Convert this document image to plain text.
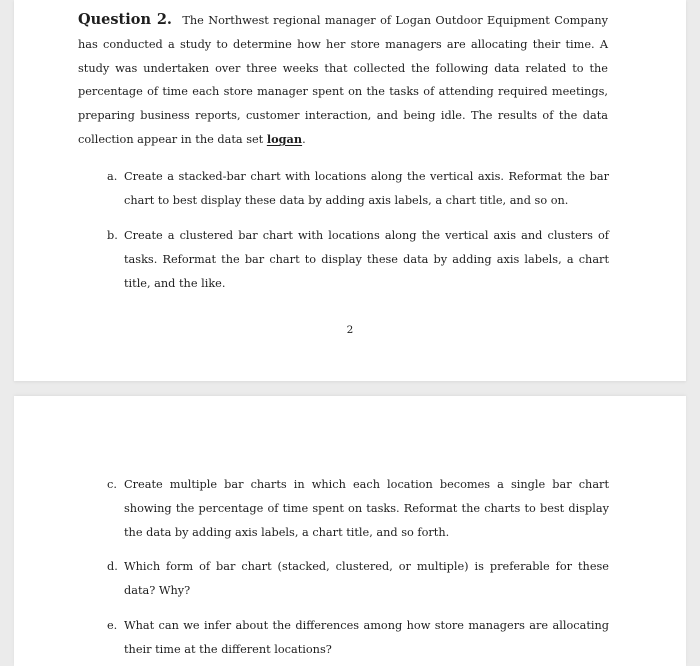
Question 2. The Northwest regional manager of Logan Outdoor Equipment Company has conducted a study to determine how her store managers are allocating their time. A study was undertaken over three weeks that collected the following data related to the percentage of time each store manager spent on the tasks of attending required meetings, preparing business reports, customer interaction, and being idle. The results of the data collection appear in the data set logan.

a. Create a stacked-bar chart with locations along the vertical axis. Reformat the bar chart to best display these data by adding axis labels, a chart title, and so on.
b. Create a clustered bar chart with locations along the vertical axis and clusters of tasks. Reformat the bar chart to display these data by adding axis labels, a chart title, and the like.
2
c. Create multiple bar charts in which each location becomes a single bar chart showing the percentage of time spent on tasks. Reformat the charts to best display the data by adding axis labels, a chart title, and so forth.
d. Which form of bar chart (stacked, clustered, or multiple) is preferable for these data? Why?
e. What can we infer about the differences among how store managers are allocating their time at the different locations?
